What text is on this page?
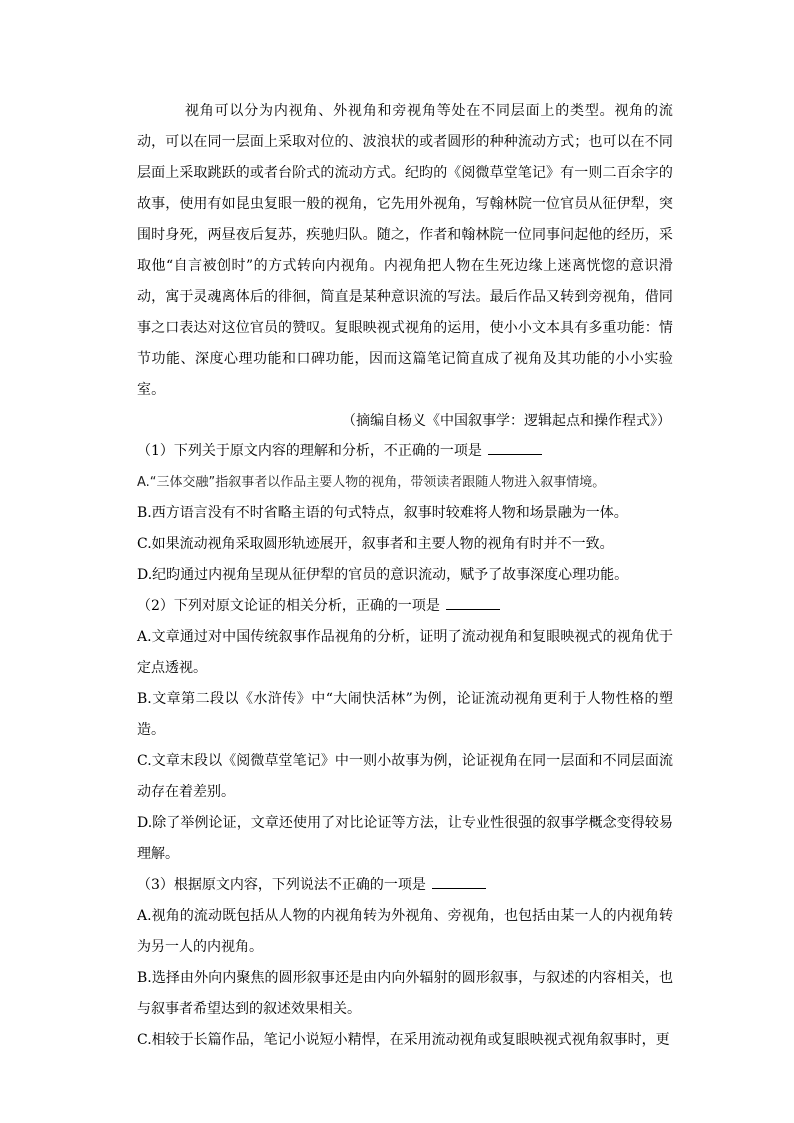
视角可以分为内视角、外视角和旁视角等处在不同层面上的类型。视角的流动，可以在同一层面上采取对位的、波浪状的或者圆形的种种流动方式；也可以在不同层面上采取跳跃的或者台阶式的流动方式。纪昀的《阅微草堂笔记》有一则二百余字的故事，使用有如昆虫复眼一般的视角，它先用外视角，写翰林院一位官员从征伊犁，突围时身死，两昼夜后复苏，疾驰归队。随之，作者和翰林院一位同事问起他的经历，采取他“自言被创时”的方式转向内视角。内视角把人物在生死边缘上迷离恍惚的意识滑动，寓于灵魂离体后的徘徊，简直是某种意识流的写法。最后作品又转到旁视角，借同事之口表达对这位官员的赞叹。复眼映视式视角的运用，使小小文本具有多重功能：情节功能、深度心理功能和口碑功能，因而这篇笔记简直成了视角及其功能的小小实验室。

（摘编自杨义《中国叙事学：逻辑起点和操作程式》）

（1）下列关于原文内容的理解和分析，不正确的一项是

A.“三体交融”指叙事者以作品主要人物的视角，带领读者跟随人物进入叙事情境。

B.西方语言没有不时省略主语的句式特点，叙事时较难将人物和场景融为一体。

C.如果流动视角采取圆形轨迹展开，叙事者和主要人物的视角有时并不一致。

D.纪昀通过内视角呈现从征伊犁的官员的意识流动，赋予了故事深度心理功能。

（2）下列对原文论证的相关分析，正确的一项是

A.文章通过对中国传统叙事作品视角的分析，证明了流动视角和复眼映视式的视角优于定点透视。

B.文章第二段以《水浒传》中“大闹快活林”为例，论证流动视角更利于人物性格的塑造。

C.文章末段以《阅微草堂笔记》中一则小故事为例，论证视角在同一层面和不同层面流动存在着差别。

D.除了举例论证，文章还使用了对比论证等方法，让专业性很强的叙事学概念变得较易理解。

（3）根据原文内容，下列说法不正确的一项是

A.视角的流动既包括从人物的内视角转为外视角、旁视角，也包括由某一人的内视角转为另一人的内视角。

B.选择由外向内聚焦的圆形叙事还是由内向外辐射的圆形叙事，与叙述的内容相关，也与叙事者希望达到的叙述效果相关。

C.相较于长篇作品，笔记小说短小精悍，在采用流动视角或复眼映视式视角叙事时，更
